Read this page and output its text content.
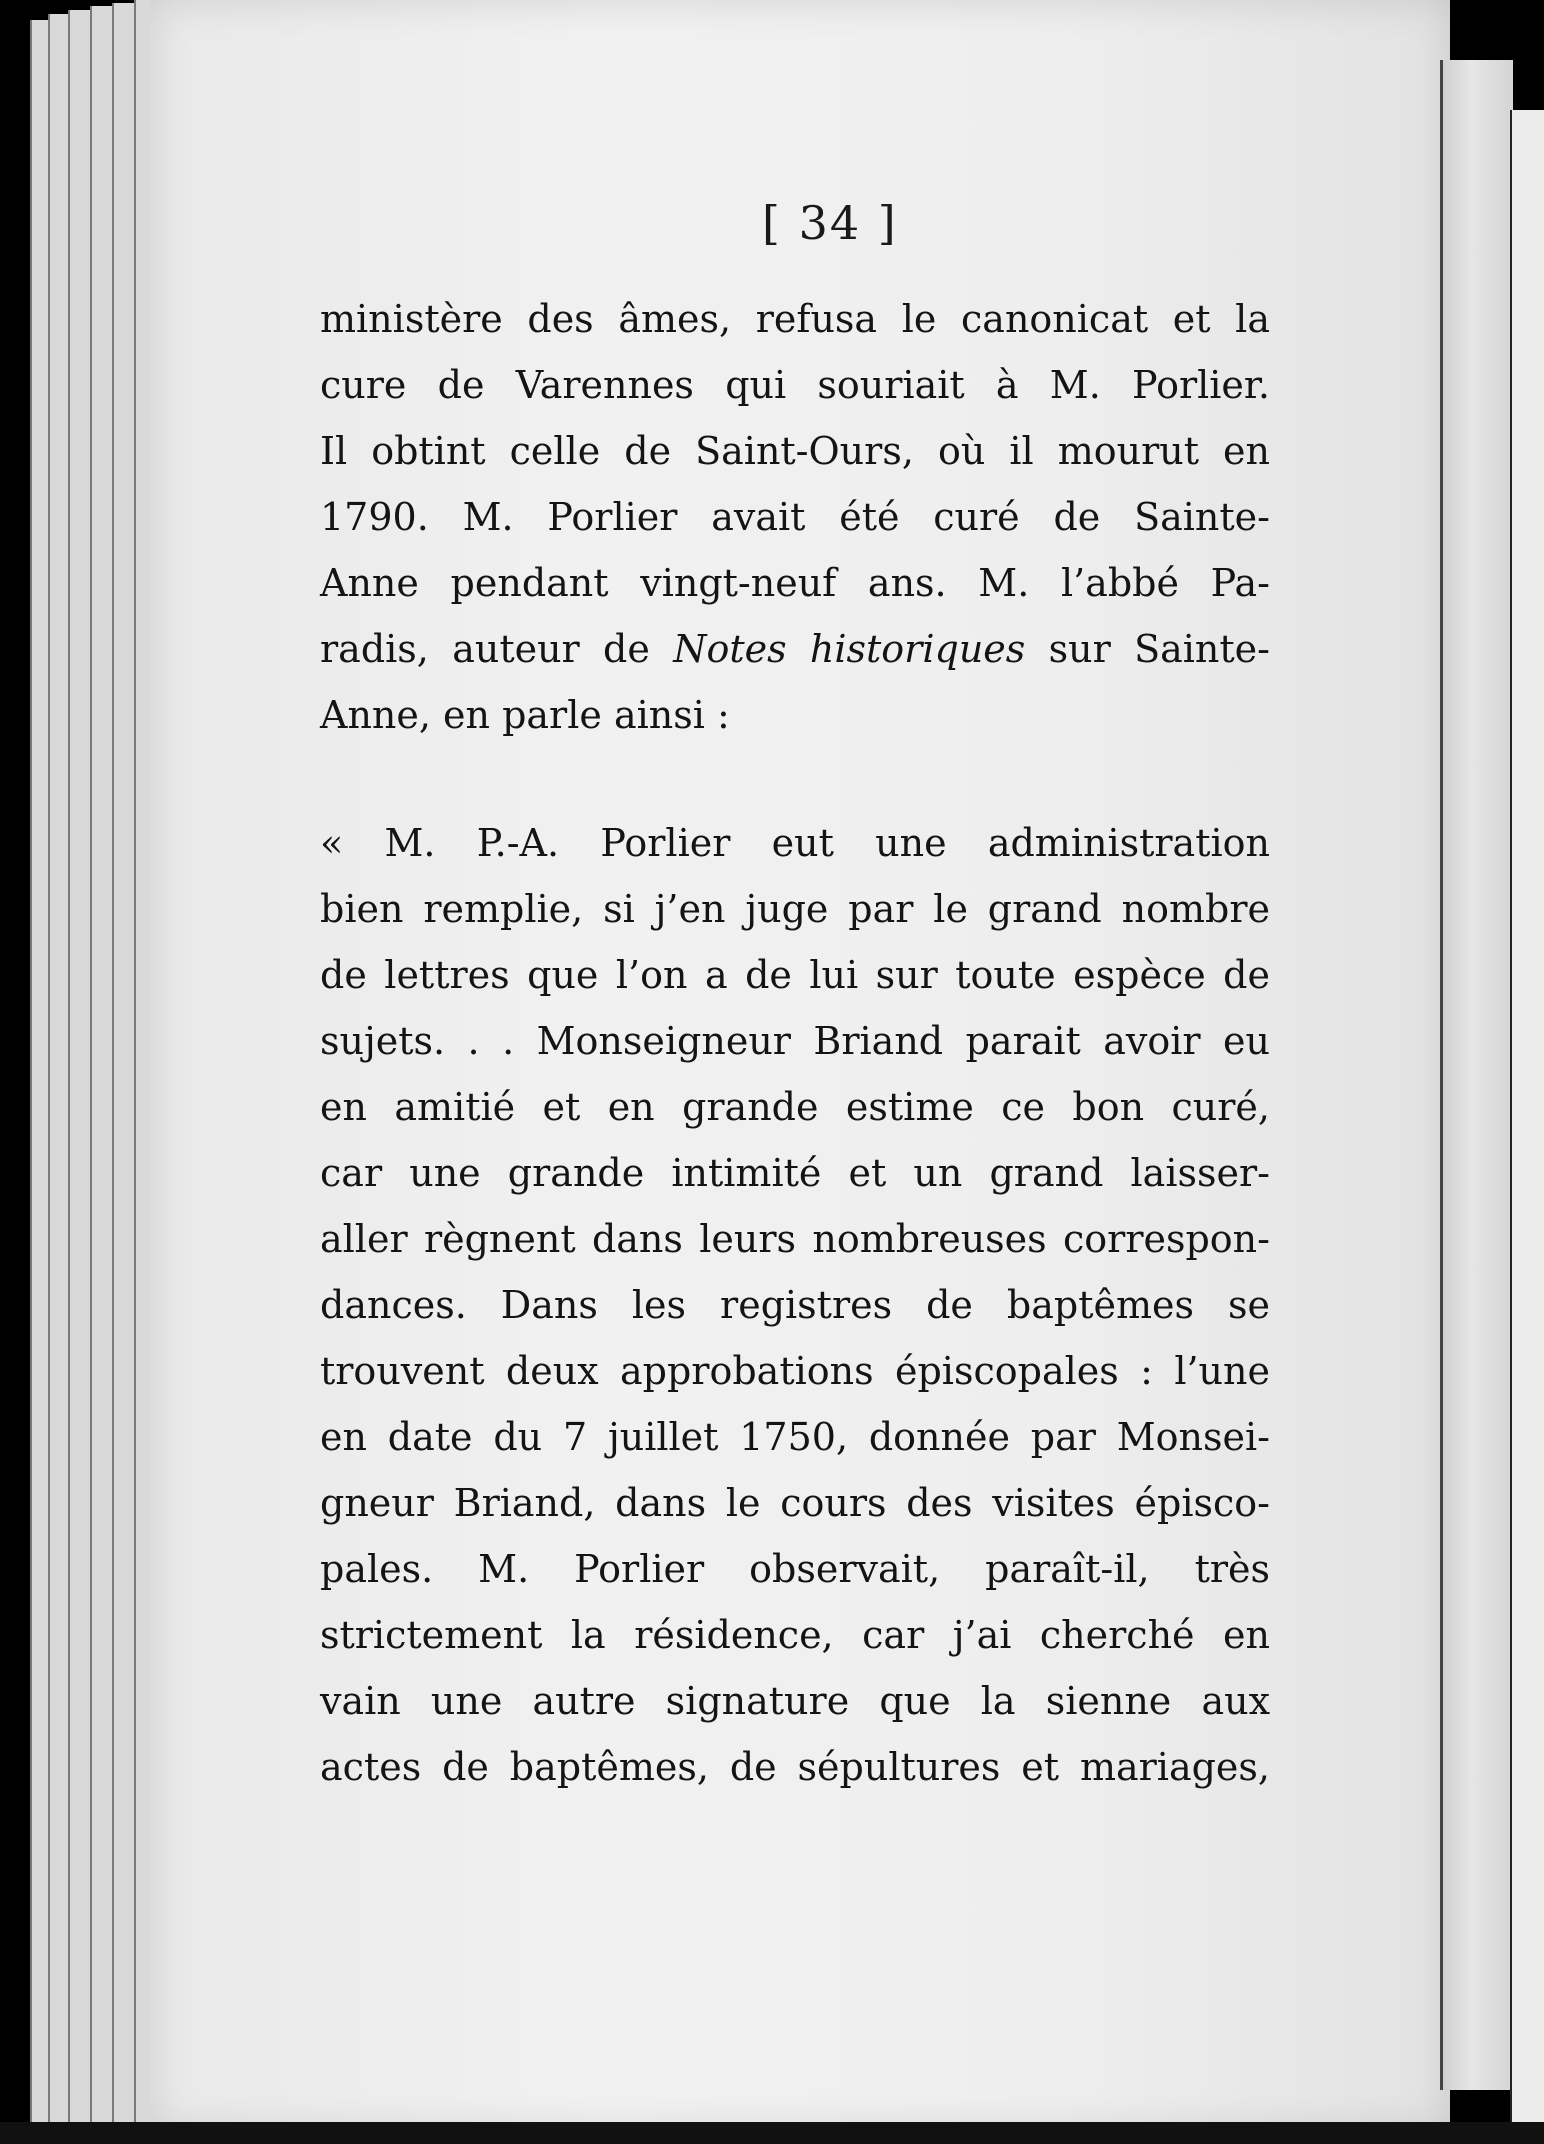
[ 34 ]
ministère des âmes, refusa le canonicat et la
cure de Varennes qui souriait à M. Porlier.
Il obtint celle de Saint-Ours, où il mourut en
1790. M. Porlier avait été curé de Sainte-
Anne pendant vingt-neuf ans. M. l’abbé Pa-
radis, auteur de Notes historiques sur Sainte-
Anne, en parle ainsi :
« M. P.-A. Porlier eut une administration
bien remplie, si j’en juge par le grand nombre
de lettres que l’on a de lui sur toute espèce de
sujets. . . Monseigneur Briand parait avoir eu
en amitié et en grande estime ce bon curé,
car une grande intimité et un grand laisser-
aller règnent dans leurs nombreuses correspon-
dances. Dans les registres de baptêmes se
trouvent deux approbations épiscopales : l’une
en date du 7 juillet 1750, donnée par Monsei-
gneur Briand, dans le cours des visites épisco-
pales. M. Porlier observait, paraît-il, très
strictement la résidence, car j’ai cherché en
vain une autre signature que la sienne aux
actes de baptêmes, de sépultures et mariages,
